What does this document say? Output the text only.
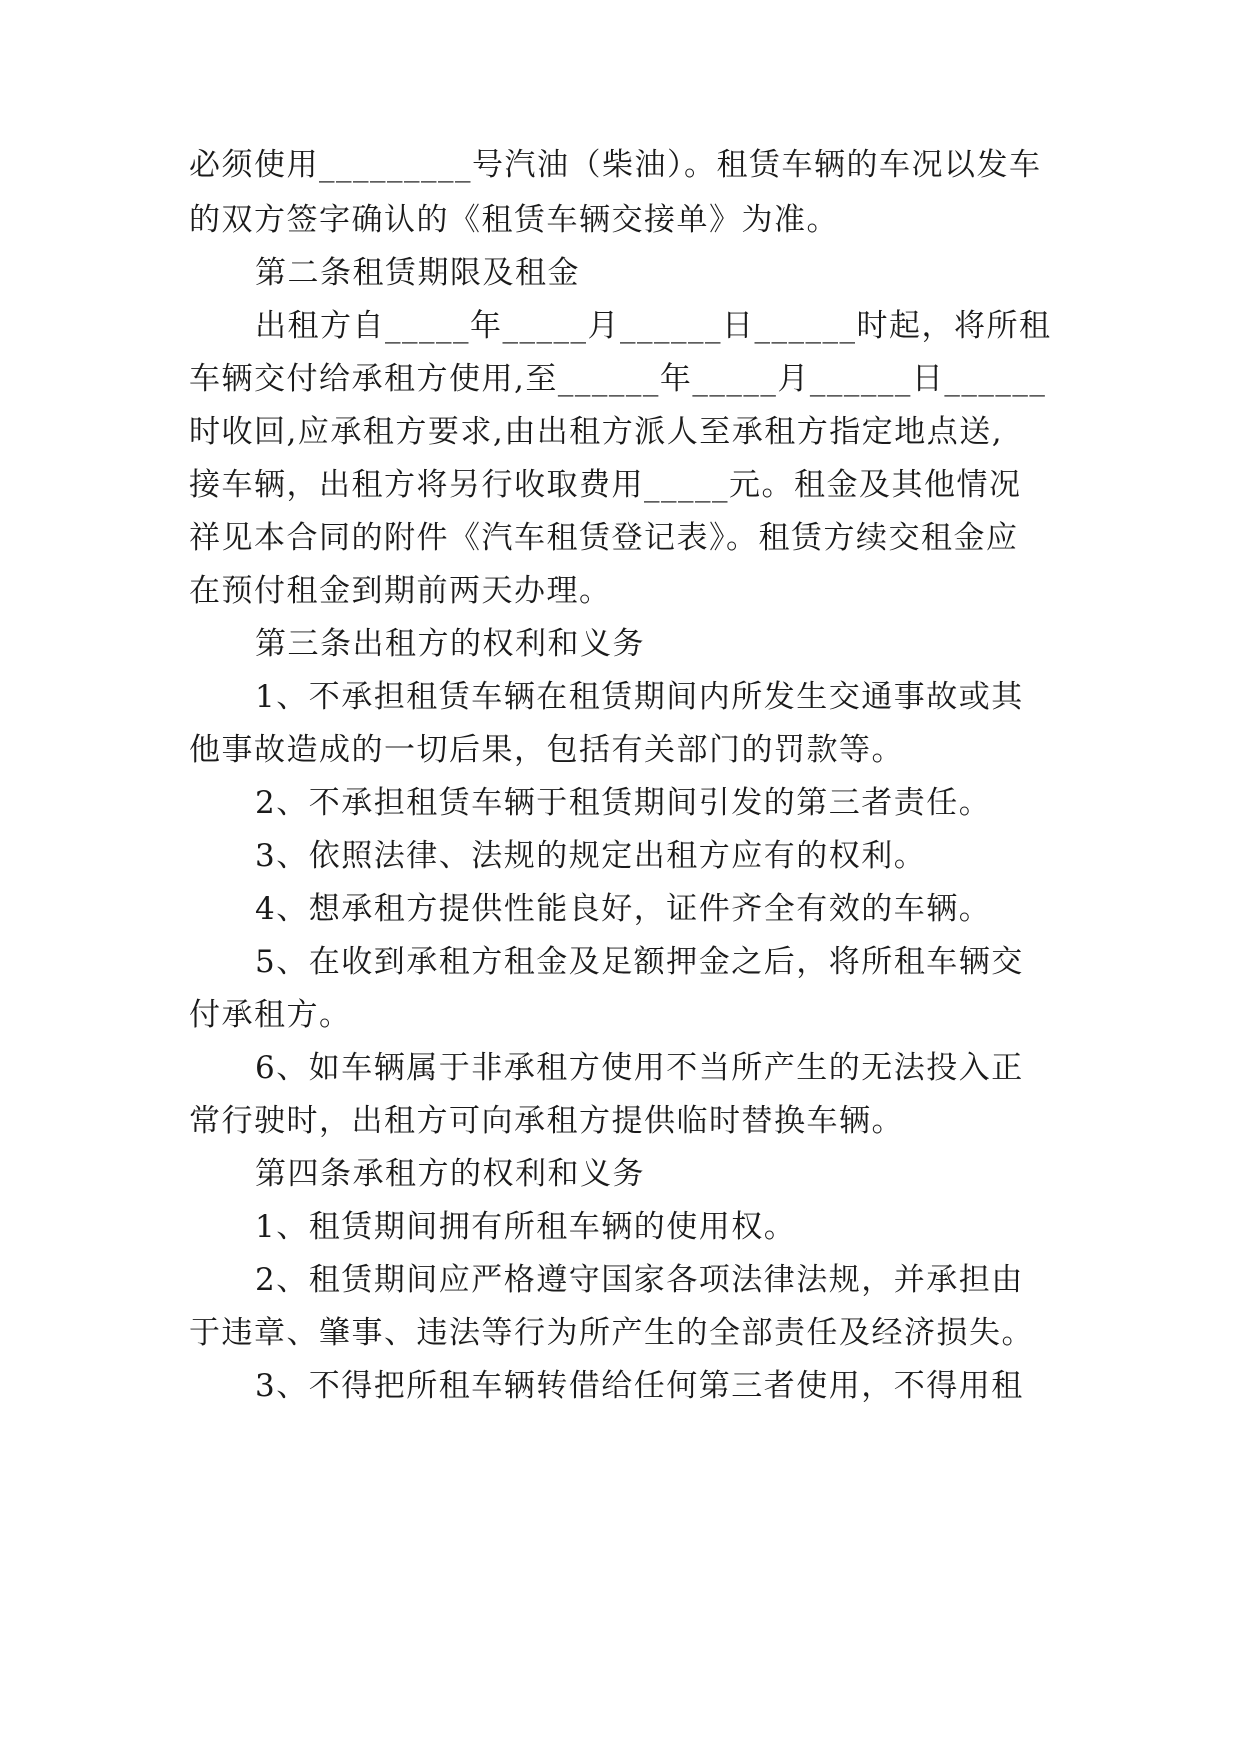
必须使用_________号汽油（柴油）。租赁车辆的车况以发车
的双方签字确认的《租赁车辆交接单》为准。
第二条租赁期限及租金
出租方自_____年_____月______日______时起，将所租
车辆交付给承租方使用,至______年_____月______日______
时收回,应承租方要求,由出租方派人至承租方指定地点送,
接车辆，出租方将另行收取费用_____元。租金及其他情况
祥见本合同的附件《汽车租赁登记表》。租赁方续交租金应
在预付租金到期前两天办理。
第三条出租方的权利和义务
1、不承担租赁车辆在租赁期间内所发生交通事故或其
他事故造成的一切后果，包括有关部门的罚款等。
2、不承担租赁车辆于租赁期间引发的第三者责任。
3、依照法律、法规的规定出租方应有的权利。
4、想承租方提供性能良好，证件齐全有效的车辆。
5、在收到承租方租金及足额押金之后，将所租车辆交
付承租方。
6、如车辆属于非承租方使用不当所产生的无法投入正
常行驶时，出租方可向承租方提供临时替换车辆。
第四条承租方的权利和义务
1、租赁期间拥有所租车辆的使用权。
2、租赁期间应严格遵守国家各项法律法规，并承担由
于违章、肇事、违法等行为所产生的全部责任及经济损失。
3、不得把所租车辆转借给任何第三者使用，不得用租
